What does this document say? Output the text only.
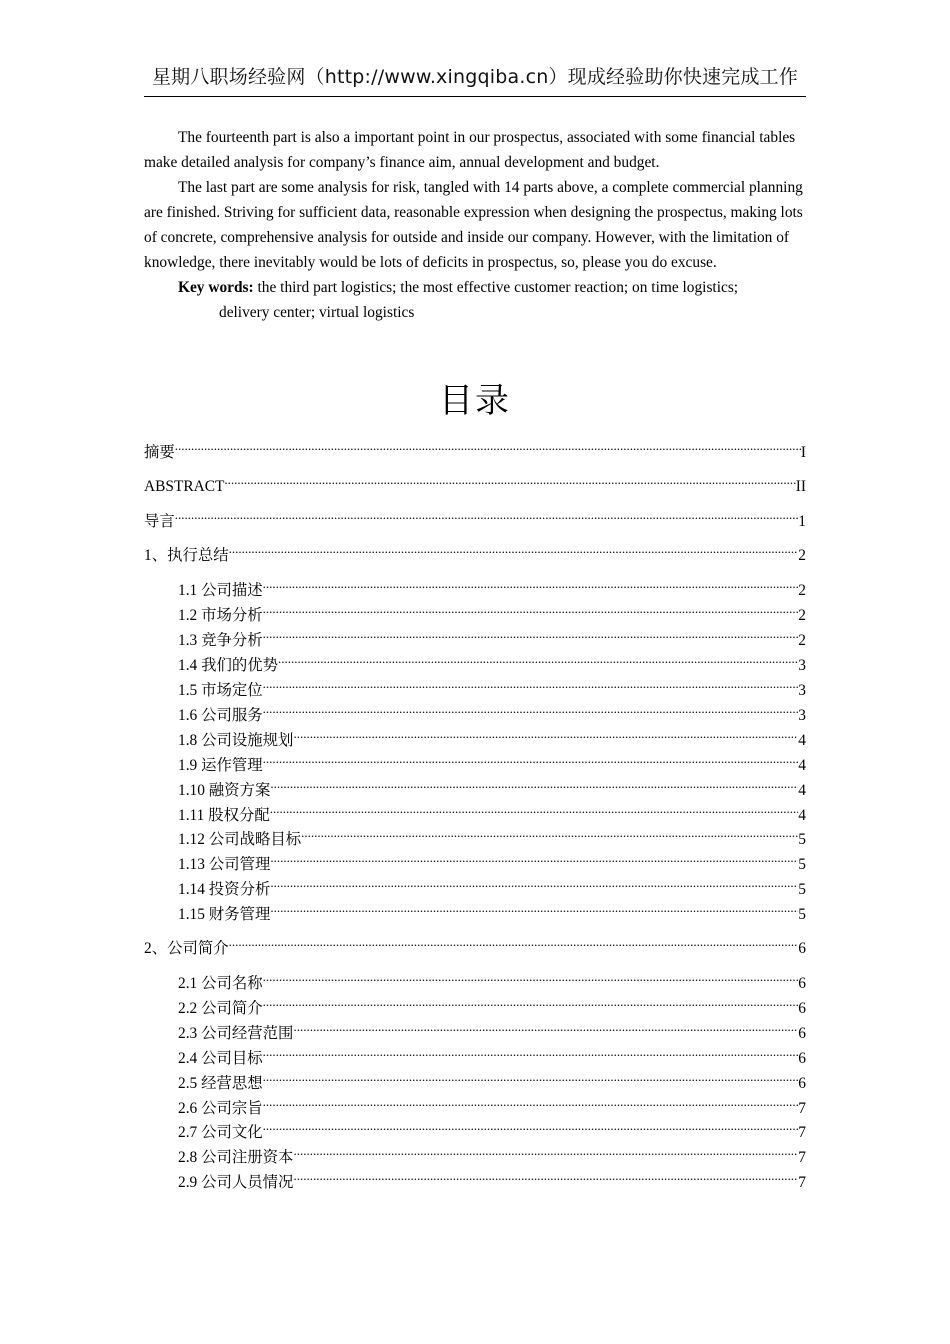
星期八职场经验网（http://www.xingqiba.cn）现成经验助你快速完成工作

The fourteenth part is also a important point in our prospectus, associated with some financial tables make detailed analysis for company’s finance aim, annual development and budget.

The last part are some analysis for risk, tangled with 14 parts above, a complete commercial planning are finished. Striving for sufficient data, reasonable expression when designing the prospectus, making lots of concrete, comprehensive analysis for outside and inside our company. However, with the limitation of knowledge, there inevitably would be lots of deficits in prospectus, so, please you do excuse.

Key words: the third part logistics; the most effective customer reaction; on time logistics;
delivery center; virtual logistics
目录
摘要 .....	I
ABSTRACT .....	II
导言 .....	1
1、执行总结 .....	2
1.1 公司描述 .....	2
1.2 市场分析 .....	2
1.3 竞争分析 .....	2
1.4 我们的优势 .....	3
1.5 市场定位 .....	3
1.6 公司服务 .....	3
1.8 公司设施规划 .....	4
1.9 运作管理 .....	4
1.10 融资方案 .....	4
1.11 股权分配 .....	4
1.12 公司战略目标 .....	5
1.13 公司管理 .....	5
1.14 投资分析 .....	5
1.15 财务管理 .....	5
2、公司简介 .....	6
2.1 公司名称 .....	6
2.2 公司简介 .....	6
2.3 公司经营范围 .....	6
2.4 公司目标 .....	6
2.5 经营思想 .....	6
2.6 公司宗旨 .....	7
2.7 公司文化 .....	7
2.8 公司注册资本 .....	7
2.9 公司人员情况 .....	7
